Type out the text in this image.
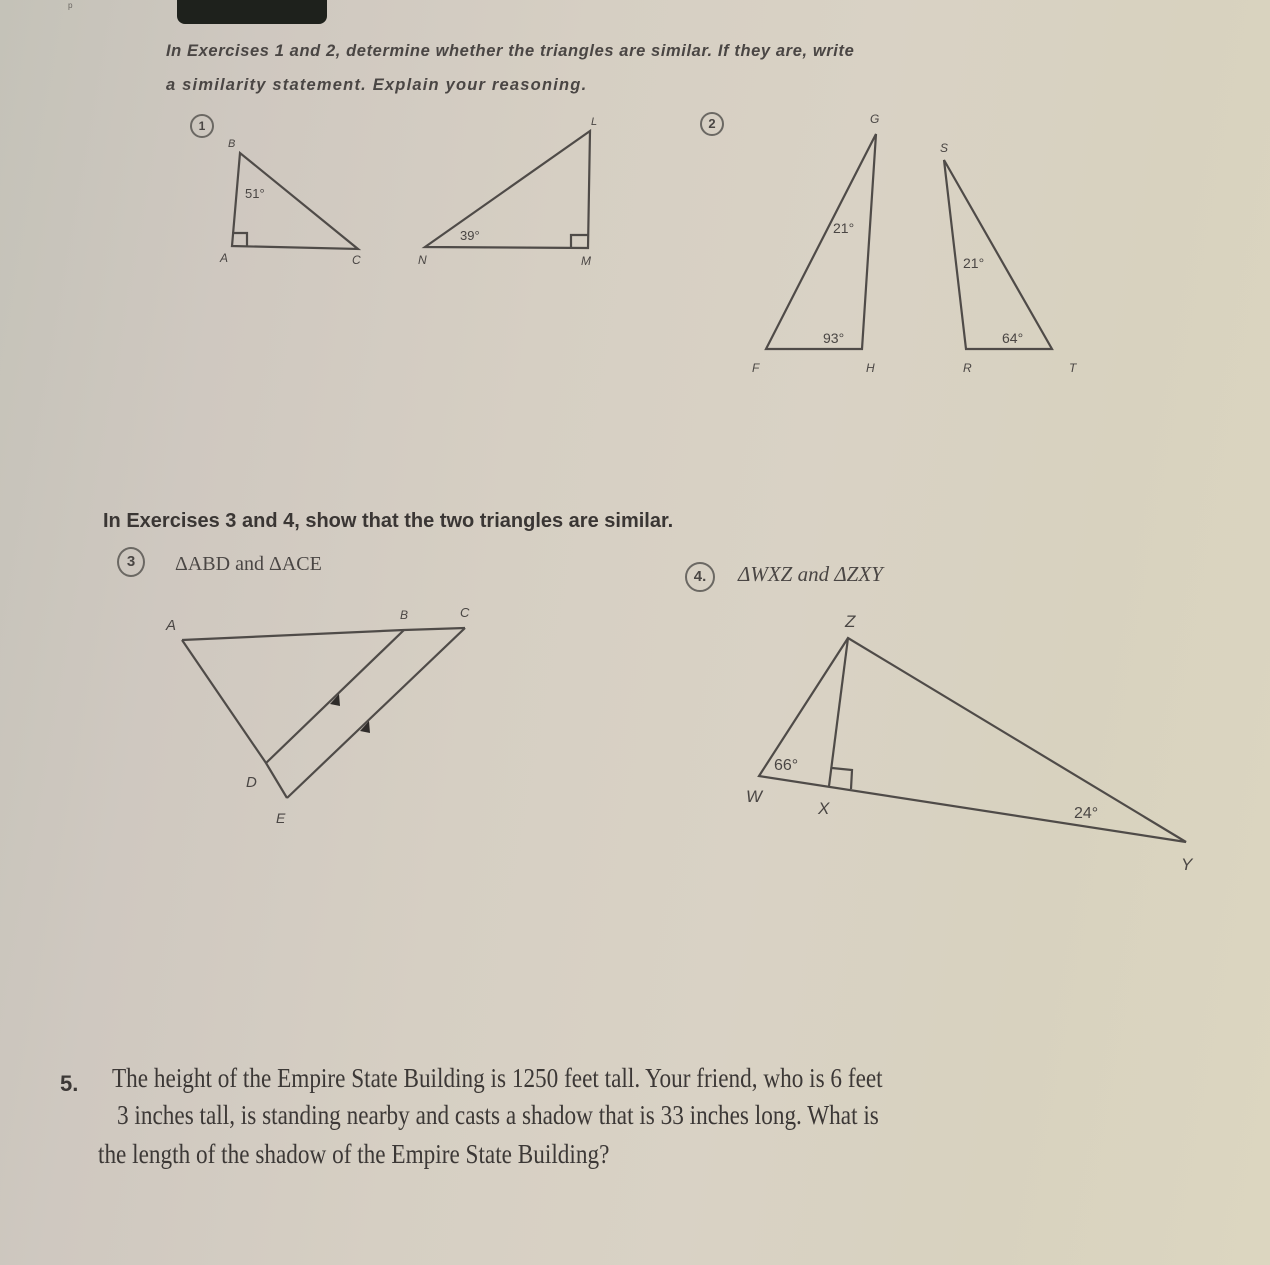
ᵖ
In Exercises 1 and 2, determine whether the triangles are similar. If they are, write
a similarity statement. Explain your reasoning.
1
B
A	C
51°
L
N	M
39°
2	G
F	H
21°
93°
S
R	T
21°
64°
In Exercises 3 and 4, show that the two triangles are similar.
3	ΔABD and ΔACE
A
B	C
D
E
4.	ΔWXZ and ΔZXY
Z
W
X
Y
66°
24°
5. The height of the Empire State Building is 1250 feet tall. Your friend, who is 6 feet
3 inches tall, is standing nearby and casts a shadow that is 33 inches long. What is
the length of the shadow of the Empire State Building?
